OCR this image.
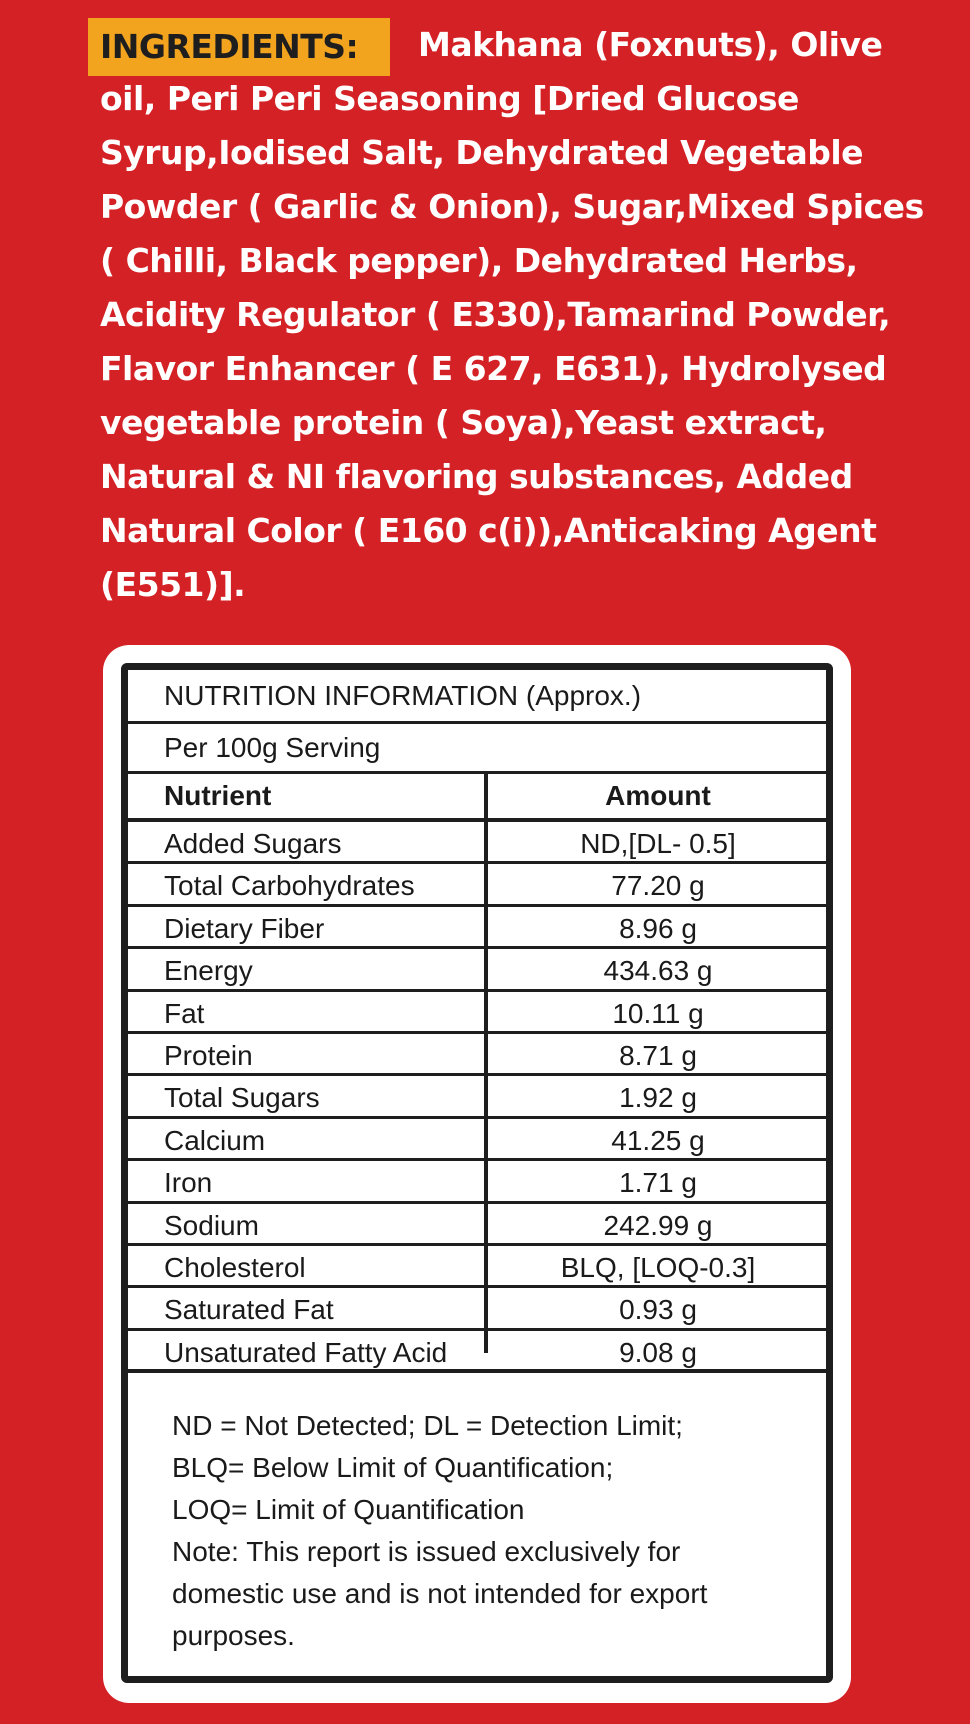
INGREDIENTS:	Makhana (Foxnuts), Olive oil, Peri Peri Seasoning [Dried Glucose Syrup,Iodised Salt, Dehydrated Vegetable Powder ( Garlic & Onion), Sugar,Mixed Spices ( Chilli, Black pepper), Dehydrated Herbs, Acidity Regulator ( E330),Tamarind Powder, Flavor Enhancer ( E 627, E631), Hydrolysed vegetable protein ( Soya),Yeast extract, Natural & NI flavoring substances, Added Natural Color ( E160 c(i)),Anticaking Agent (E551)].
NUTRITION INFORMATION (Approx.)
Per 100g Serving
Nutrient	Amount
Added Sugars	ND,[DL- 0.5]
Total Carbohydrates	77.20 g
Dietary Fiber	8.96 g
Energy	434.63 g
Fat	10.11 g
Protein	8.71 g
Total Sugars	1.92 g
Calcium	41.25 g
Iron	1.71 g
Sodium	242.99 g
Cholesterol	BLQ, [LOQ-0.3]
Saturated Fat	0.93 g
Unsaturated Fatty Acid	9.08 g
ND = Not Detected; DL = Detection Limit;
BLQ= Below Limit of Quantification;
LOQ= Limit of Quantification
Note: This report is issued exclusively for
domestic use and is not intended for export
purposes.
